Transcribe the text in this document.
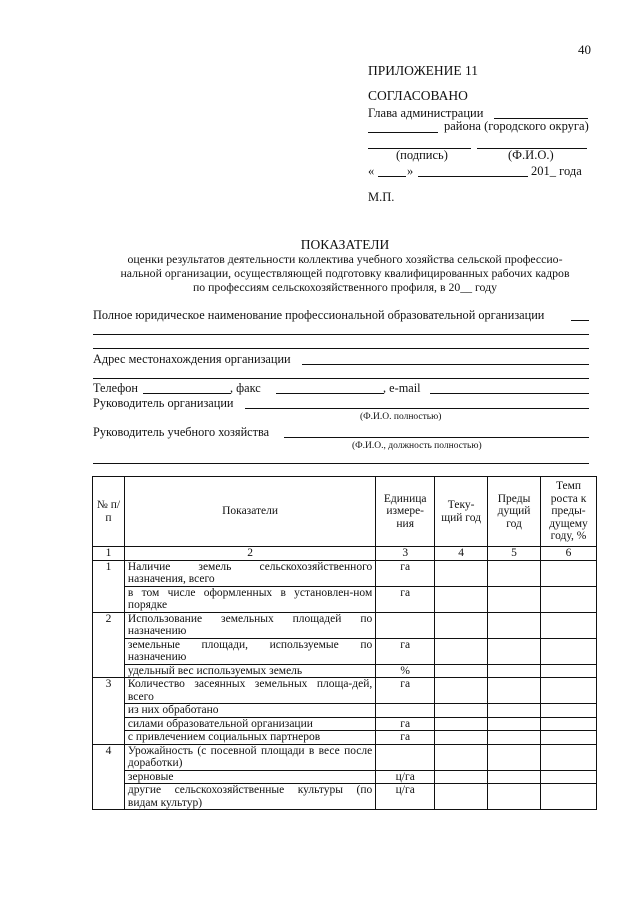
40
ПРИЛОЖЕНИЕ 11
СОГЛАСОВАНО
Глава администрации
района (городского округа)
(подпись)	(Ф.И.О.)
«	»	201_ года
М.П.
ПОКАЗАТЕЛИ
оценки результатов деятельности коллектива учебного хозяйства сельской профессио-
нальной организации, осуществляющей подготовку квалифицированных рабочих кадров
по профессиям сельскохозяйственного профиля, в 20__ году
Полное юридическое наименование профессиональной образовательной организации
Адрес местонахождения организации
Телефон	, факс	, e-mail
Руководитель организации
(Ф.И.О. полностью)
Руководитель учебного хозяйства
(Ф.И.О., должность полностью)
№ п/п	Показатели	Единица измере-ния	Теку-щий год	Преды дущий год	Темп роста к преды-дущему году, %
1	2	3	4	5	6
1	Наличие земель сельскохозяйственного назначения, всего	га			
	в том числе оформленных в установлен-ном порядке	га			
2	Использование земельных площадей по назначению				
	земельные площади, используемые по назначению	га			
	удельный вес используемых земель	%			
3	Количество засеянных земельных площа-дей, всего	га			
	из них обработано				
	силами образовательной организации	га			
	с привлечением социальных партнеров	га			
4	Урожайность (с посевной площади в весе после доработки)				
	зерновые	ц/га			
	другие сельскохозяйственные культуры (по видам культур)	ц/га			
